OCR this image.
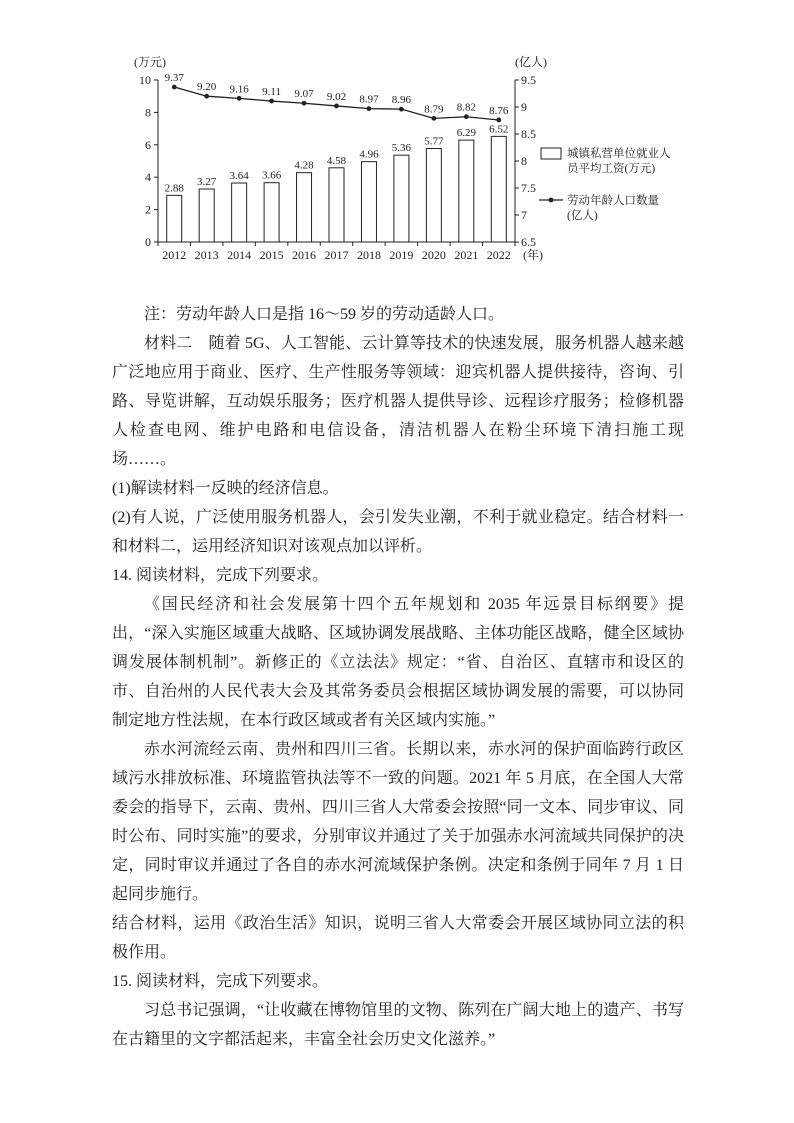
0
2
4
6
8
10
6.5
7
7.5
8
8.5
9
9.5
2012 2013 2014 2015 2016 2017 2018 2019 2020 2021 2022 (年)
(万元)	(亿人)
2.88
3.27 3.64 3.66
4.28 4.58
4.96
5.36
5.77
6.29 6.52
9.37
9.20 9.16 9.11 9.07 9.02 8.97 8.96
8.79 8.82 8.76
城镇私营单位就业人
员平均工资(万元)
劳动年龄人口数量
(亿人)

注：劳动年龄人口是指 16～59 岁的劳动适龄人口。

材料二　随着 5G、人工智能、云计算等技术的快速发展，服务机器人越来越广泛地应用于商业、医疗、生产性服务等领域：迎宾机器人提供接待，咨询、引路、导览讲解，互动娱乐服务；医疗机器人提供导诊、远程诊疗服务；检修机器人检查电网、维护电路和电信设备，清洁机器人在粉尘环境下清扫施工现场……。

(1)解读材料一反映的经济信息。

(2)有人说，广泛使用服务机器人，会引发失业潮，不利于就业稳定。结合材料一和材料二，运用经济知识对该观点加以评析。

14. 阅读材料，完成下列要求。

《国民经济和社会发展第十四个五年规划和 2035 年远景目标纲要》提出，“深入实施区域重大战略、区域协调发展战略、主体功能区战略，健全区域协调发展体制机制”。新修正的《立法法》规定：“省、自治区、直辖市和设区的市、自治州的人民代表大会及其常务委员会根据区域协调发展的需要，可以协同制定地方性法规，在本行政区域或者有关区域内实施。”

赤水河流经云南、贵州和四川三省。长期以来，赤水河的保护面临跨行政区域污水排放标准、环境监管执法等不一致的问题。2021 年 5 月底，在全国人大常委会的指导下，云南、贵州、四川三省人大常委会按照“同一文本、同步审议、同时公布、同时实施”的要求，分别审议并通过了关于加强赤水河流域共同保护的决定，同时审议并通过了各自的赤水河流域保护条例。决定和条例于同年 7 月 1 日起同步施行。

结合材料，运用《政治生活》知识，说明三省人大常委会开展区域协同立法的积极作用。

15. 阅读材料，完成下列要求。

习总书记强调，“让收藏在博物馆里的文物、陈列在广阔大地上的遗产、书写在古籍里的文字都活起来，丰富全社会历史文化滋养。”
